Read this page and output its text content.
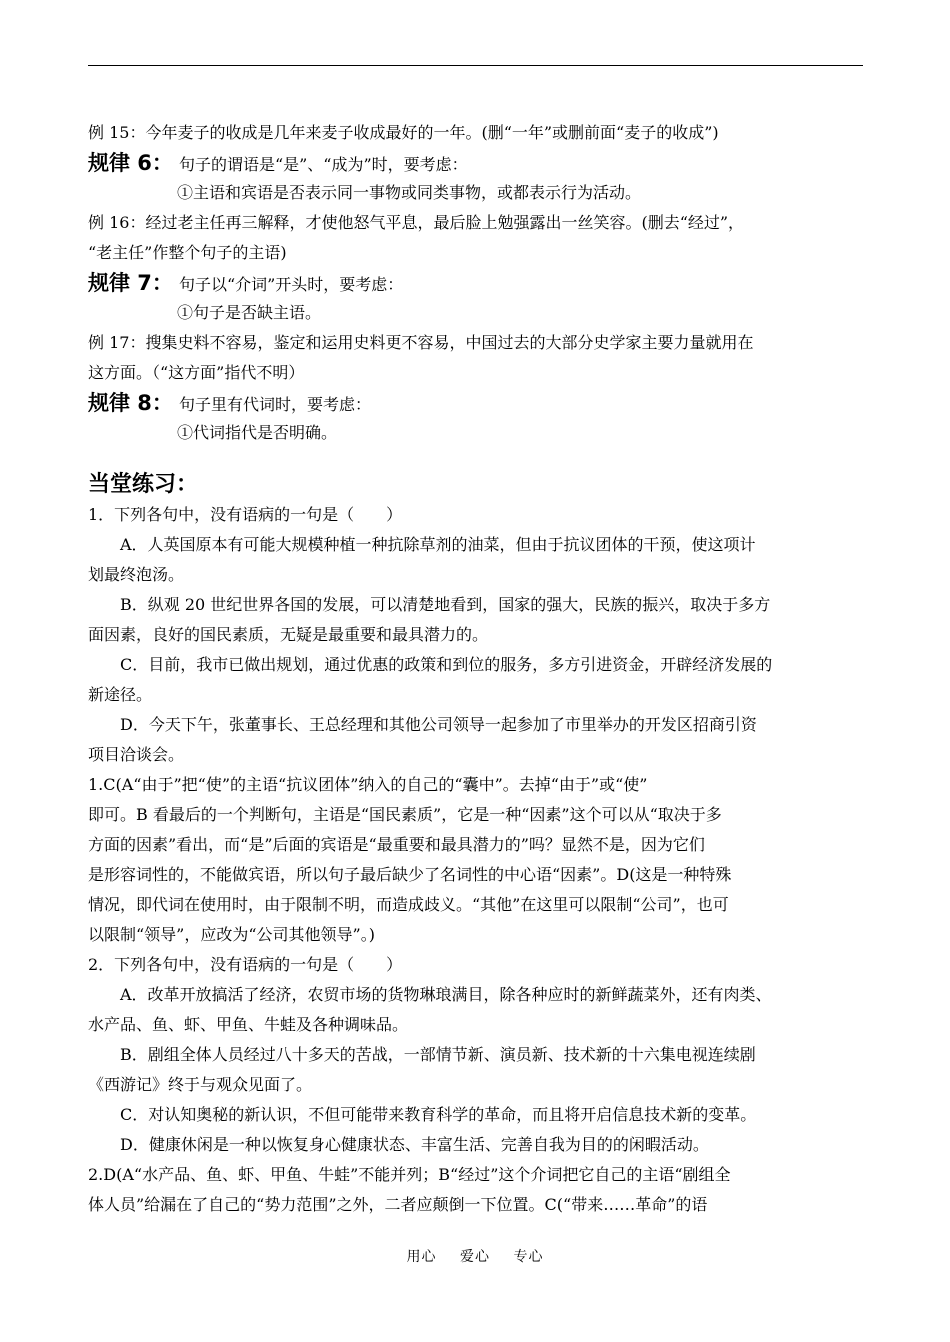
例 15：今年麦子的收成是几年来麦子收成最好的一年。(删“一年”或删前面“麦子的收成”)
规律 6： 句子的谓语是“是”、“成为”时，要考虑：
①主语和宾语是否表示同一事物或同类事物，或都表示行为活动。
例 16：经过老主任再三解释，才使他怒气平息，最后脸上勉强露出一丝笑容。(删去“经过”，
“老主任”作整个句子的主语)
规律 7： 句子以“介词”开头时，要考虑：
①句子是否缺主语。
例 17：搜集史料不容易，鉴定和运用史料更不容易，中国过去的大部分史学家主要力量就用在
这方面。（“这方面”指代不明）
规律 8： 句子里有代词时，要考虑：
①代词指代是否明确。
当堂练习：
1．下列各句中，没有语病的一句是（　　）
A．人英国原本有可能大规模种植一种抗除草剂的油菜，但由于抗议团体的干预，使这项计
划最终泡汤。
B．纵观 20 世纪世界各国的发展，可以清楚地看到，国家的强大，民族的振兴，取决于多方
面因素，良好的国民素质，无疑是最重要和最具潜力的。
C．目前，我市已做出规划，通过优惠的政策和到位的服务，多方引进资金，开辟经济发展的
新途径。
D．今天下午，张董事长、王总经理和其他公司领导一起参加了市里举办的开发区招商引资
项目洽谈会。
1.C(A“由于”把“使”的主语“抗议团体”纳入的自己的“囊中”。去掉“由于”或“使”
即可。B 看最后的一个判断句，主语是“国民素质”，它是一种“因素”这个可以从“取决于多
方面的因素”看出，而“是”后面的宾语是“最重要和最具潜力的”吗？显然不是，因为它们
是形容词性的，不能做宾语，所以句子最后缺少了名词性的中心语“因素”。D(这是一种特殊
情况，即代词在使用时，由于限制不明，而造成歧义。“其他”在这里可以限制“公司”，也可
以限制“领导”，应改为“公司其他领导”。)
2．下列各句中，没有语病的一句是（　　）
A．改革开放搞活了经济，农贸市场的货物琳琅满目，除各种应时的新鲜蔬菜外，还有肉类、
水产品、鱼、虾、甲鱼、牛蛙及各种调味品。
B．剧组全体人员经过八十多天的苦战，一部情节新、演员新、技术新的十六集电视连续剧
《西游记》终于与观众见面了。
C．对认知奥秘的新认识，不但可能带来教育科学的革命，而且将开启信息技术新的变革。
D．健康休闲是一种以恢复身心健康状态、丰富生活、完善自我为目的的闲暇活动。
2.D(A“水产品、鱼、虾、甲鱼、牛蛙”不能并列；B“经过”这个介词把它自己的主语“剧组全
体人员”给漏在了自己的“势力范围”之外，二者应颠倒一下位置。C(“带来……革命”的语
用心 爱心 专心
